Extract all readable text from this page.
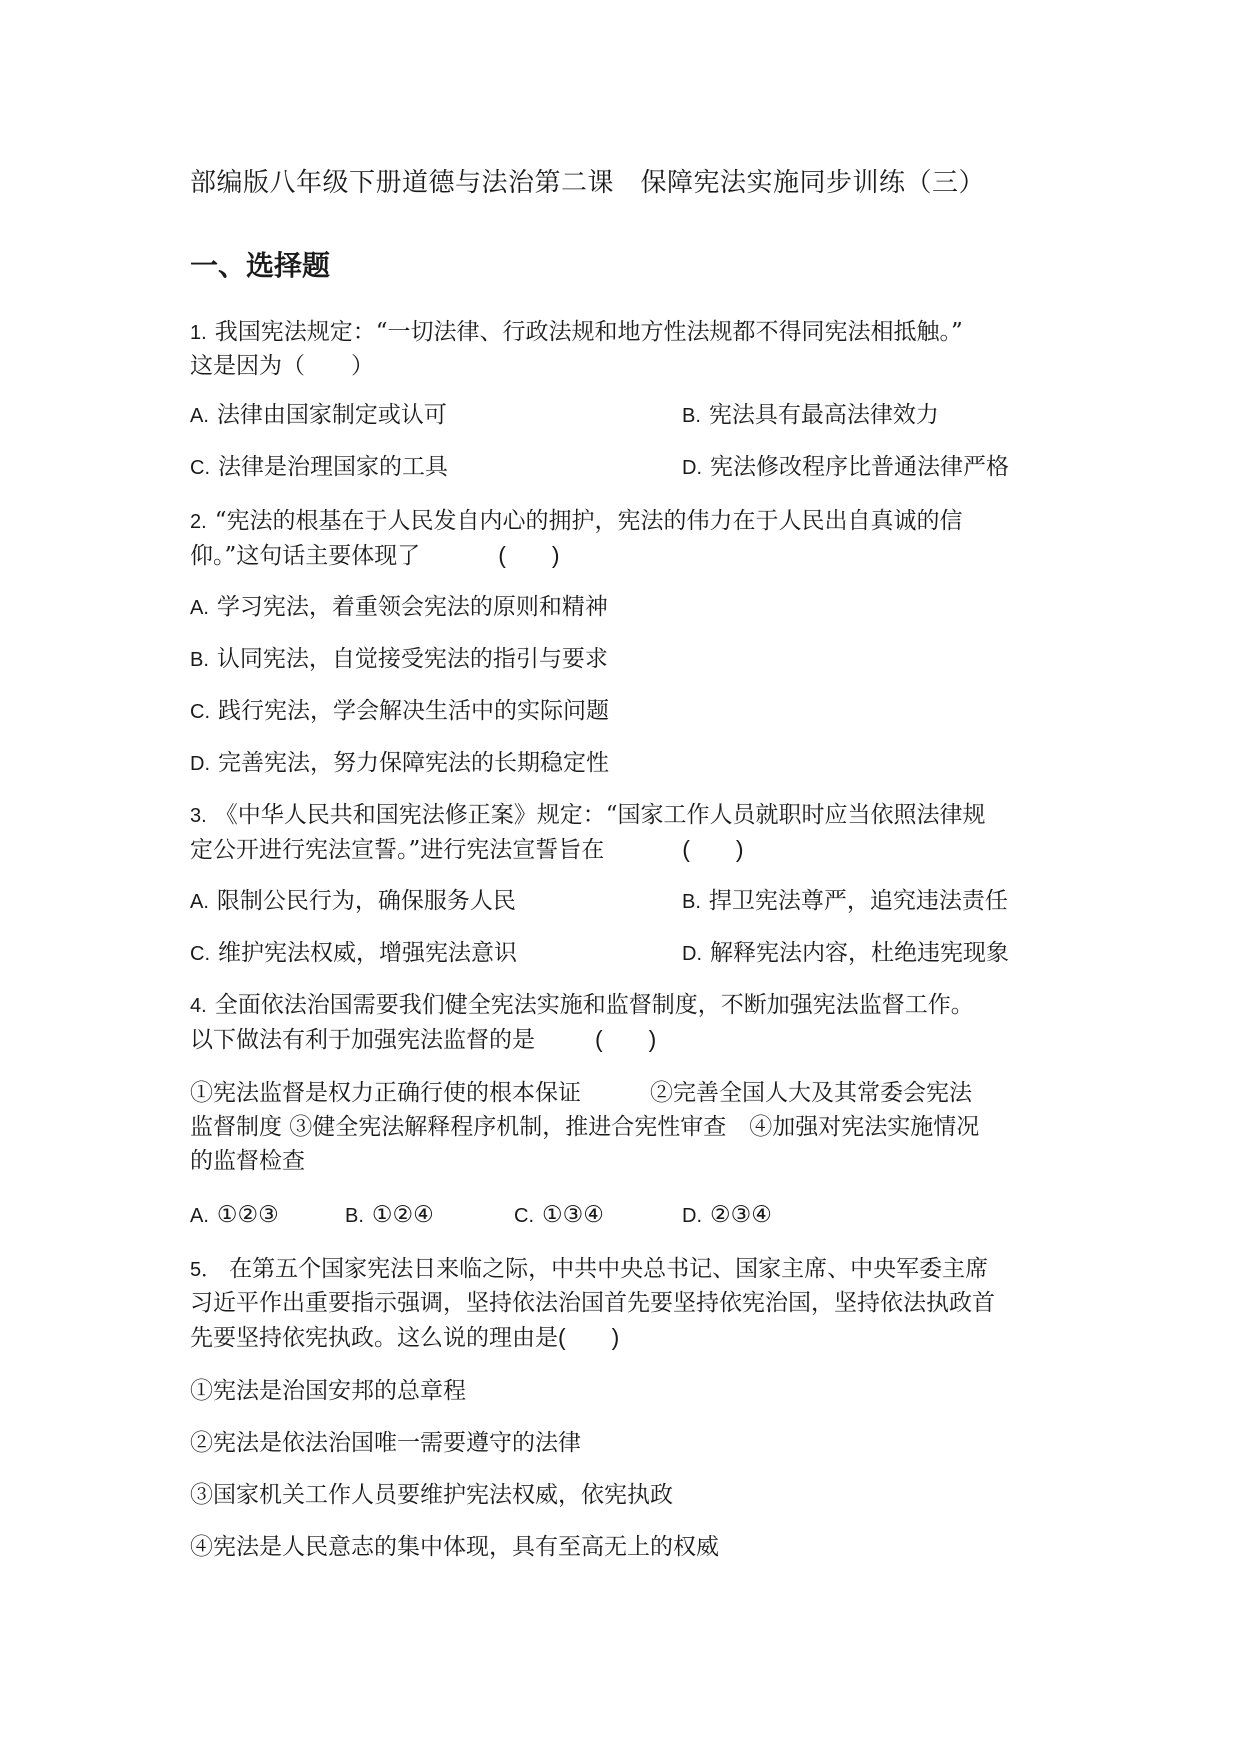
部编版八年级下册道德与法治第二课　保障宪法实施同步训练（三）
一、选择题
1. 我国宪法规定：“一切法律、行政法规和地方性法规都不得同宪法相抵触。”
这是因为（　　）
A. 法律由国家制定或认可	B. 宪法具有最高法律效力
C. 法律是治理国家的工具	D. 宪法修改程序比普通法律严格
2. “宪法的根基在于人民发自内心的拥护，宪法的伟力在于人民出自真诚的信
仰。”这句话主要体现了	(　　)
A. 学习宪法，着重领会宪法的原则和精神
B. 认同宪法，自觉接受宪法的指引与要求
C. 践行宪法，学会解决生活中的实际问题
D. 完善宪法，努力保障宪法的长期稳定性
3. 《中华人民共和国宪法修正案》规定：“国家工作人员就职时应当依照法律规
定公开进行宪法宣誓。”进行宪法宣誓旨在	(　　)
A. 限制公民行为，确保服务人民	B. 捍卫宪法尊严，追究违法责任
C. 维护宪法权威，增强宪法意识	D. 解释宪法内容，杜绝违宪现象
4. 全面依法治国需要我们健全宪法实施和监督制度，不断加强宪法监督工作。
以下做法有利于加强宪法监督的是	(　　)
①宪法监督是权力正确行使的根本保证　　　②完善全国人大及其常委会宪法
监督制度 ③健全宪法解释程序机制，推进合宪性审查　④加强对宪法实施情况
的监督检查
A. ①②③	B. ①②④	C. ①③④	D. ②③④
5． 在第五个国家宪法日来临之际，中共中央总书记、国家主席、中央军委主席
习近平作出重要指示强调，坚持依法治国首先要坚持依宪治国，坚持依法执政首
先要坚持依宪执政。这么说的理由是(　　)
①宪法是治国安邦的总章程
②宪法是依法治国唯一需要遵守的法律
③国家机关工作人员要维护宪法权威，依宪执政
④宪法是人民意志的集中体现，具有至高无上的权威
